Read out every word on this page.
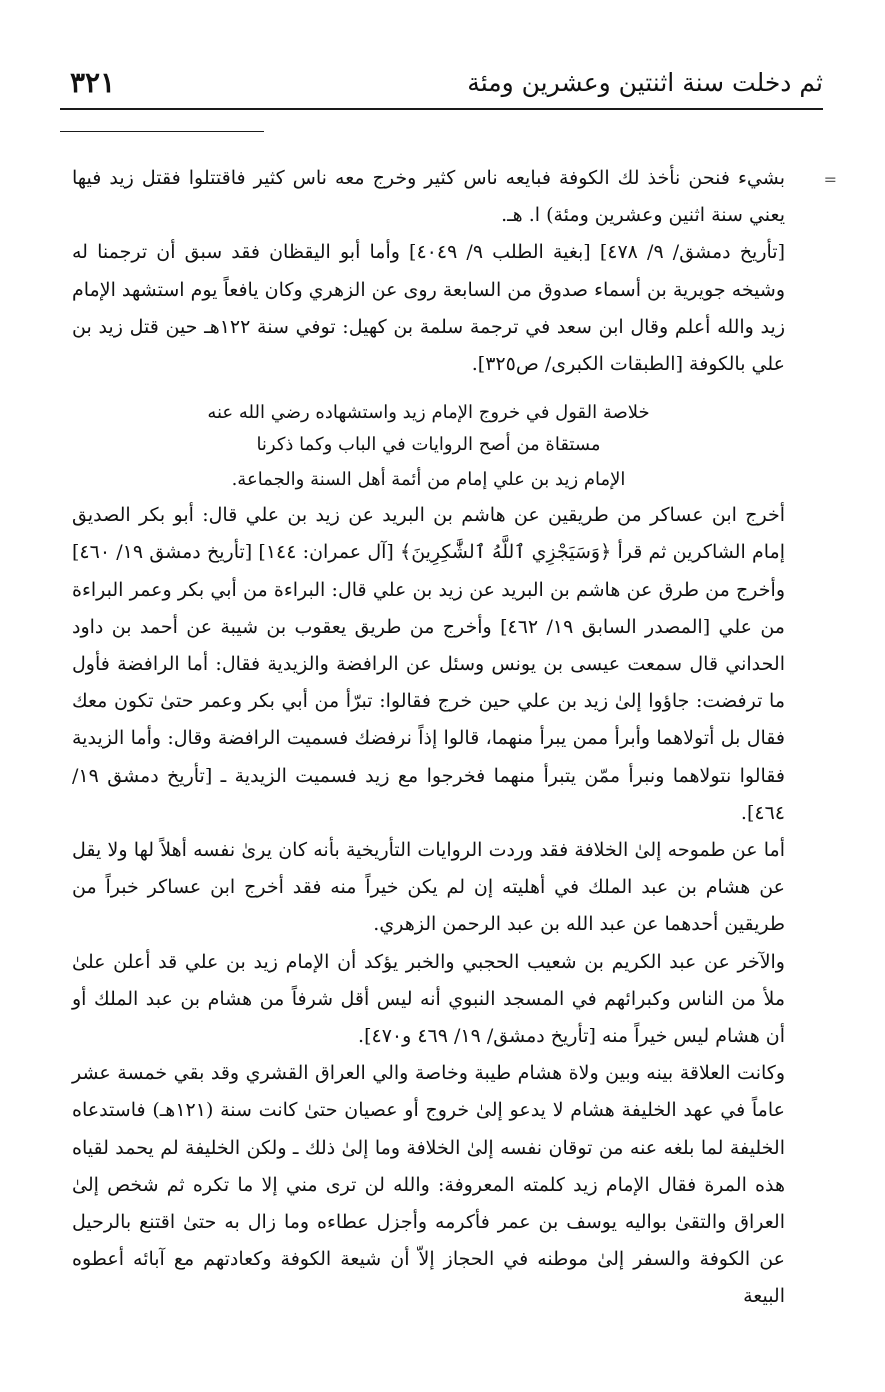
ثم دخلت سنة اثنتين وعشرين ومئة
٣٢١
=

بشيء فنحن نأخذ لك الكوفة فبايعه ناس كثير وخرج معه ناس كثير فاقتتلوا فقتل زيد فيها يعني سنة اثنين وعشرين ومئة) ا. هـ.

[تأريخ دمشق/ ٩/ ٤٧٨] [بغية الطلب ٩/ ٤٠٤٩] وأما أبو اليقظان فقد سبق أن ترجمنا له وشيخه جويرية بن أسماء صدوق من السابعة روى عن الزهري وكان يافعاً يوم استشهد الإمام زيد والله أعلم وقال ابن سعد في ترجمة سلمة بن كهيل: توفي سنة ١٢٢هـ حين قتل زيد بن علي بالكوفة [الطبقات الكبرى/ ص٣٢٥].

خلاصة القول في خروج الإمام زيد واستشهاده رضي الله عنه
مستقاة من أصح الروايات في الباب وكما ذكرنا

الإمام زيد بن علي إمام من أئمة أهل السنة والجماعة.

أخرج ابن عساكر من طريقين عن هاشم بن البريد عن زيد بن علي قال: أبو بكر الصديق إمام الشاكرين ثم قرأ ﴿وَسَيَجْزِي ٱللَّهُ ٱلشَّٰكِرِينَ﴾ [آل عمران: ١٤٤] [تأريخ دمشق ١٩/ ٤٦٠] وأخرج من طرق عن هاشم بن البريد عن زيد بن علي قال: البراءة من أبي بكر وعمر البراءة من علي [المصدر السابق ١٩/ ٤٦٢] وأخرج من طريق يعقوب بن شيبة عن أحمد بن داود الحداني قال سمعت عيسى بن يونس وسئل عن الرافضة والزيدية فقال: أما الرافضة فأول ما ترفضت: جاؤوا إلىٰ زيد بن علي حين خرج فقالوا: تبرّأ من أبي بكر وعمر حتىٰ تكون معك فقال بل أتولاهما وأبرأ ممن يبرأ منهما، قالوا إذاً نرفضك فسميت الرافضة وقال: وأما الزيدية فقالوا نتولاهما ونبرأ ممّن يتبرأ منهما فخرجوا مع زيد فسميت الزيدية ـ [تأريخ دمشق ١٩/ ٤٦٤].

أما عن طموحه إلىٰ الخلافة فقد وردت الروايات التأريخية بأنه كان يرىٰ نفسه أهلاً لها ولا يقل عن هشام بن عبد الملك في أهليته إن لم يكن خيراً منه فقد أخرج ابن عساكر خبراً من طريقين أحدهما عن عبد الله بن عبد الرحمن الزهري.

والآخر عن عبد الكريم بن شعيب الحجبي والخبر يؤكد أن الإمام زيد بن علي قد أعلن علىٰ ملأ من الناس وكبرائهم في المسجد النبوي أنه ليس أقل شرفاً من هشام بن عبد الملك أو أن هشام ليس خيراً منه [تأريخ دمشق/ ١٩/ ٤٦٩ و٤٧٠].

وكانت العلاقة بينه وبين ولاة هشام طيبة وخاصة والي العراق القشري وقد بقي خمسة عشر عاماً في عهد الخليفة هشام لا يدعو إلىٰ خروج أو عصيان حتىٰ كانت سنة (١٢١هـ) فاستدعاه الخليفة لما بلغه عنه من توقان نفسه إلىٰ الخلافة وما إلىٰ ذلك ـ ولكن الخليفة لم يحمد لقياه هذه المرة فقال الإمام زيد كلمته المعروفة: والله لن ترى مني إلا ما تكره ثم شخص إلىٰ العراق والتقىٰ بواليه يوسف بن عمر فأكرمه وأجزل عطاءه وما زال به حتىٰ اقتنع بالرحيل عن الكوفة والسفر إلىٰ موطنه في الحجاز إلاّ أن شيعة الكوفة وكعادتهم مع آبائه أعطوه البيعة
